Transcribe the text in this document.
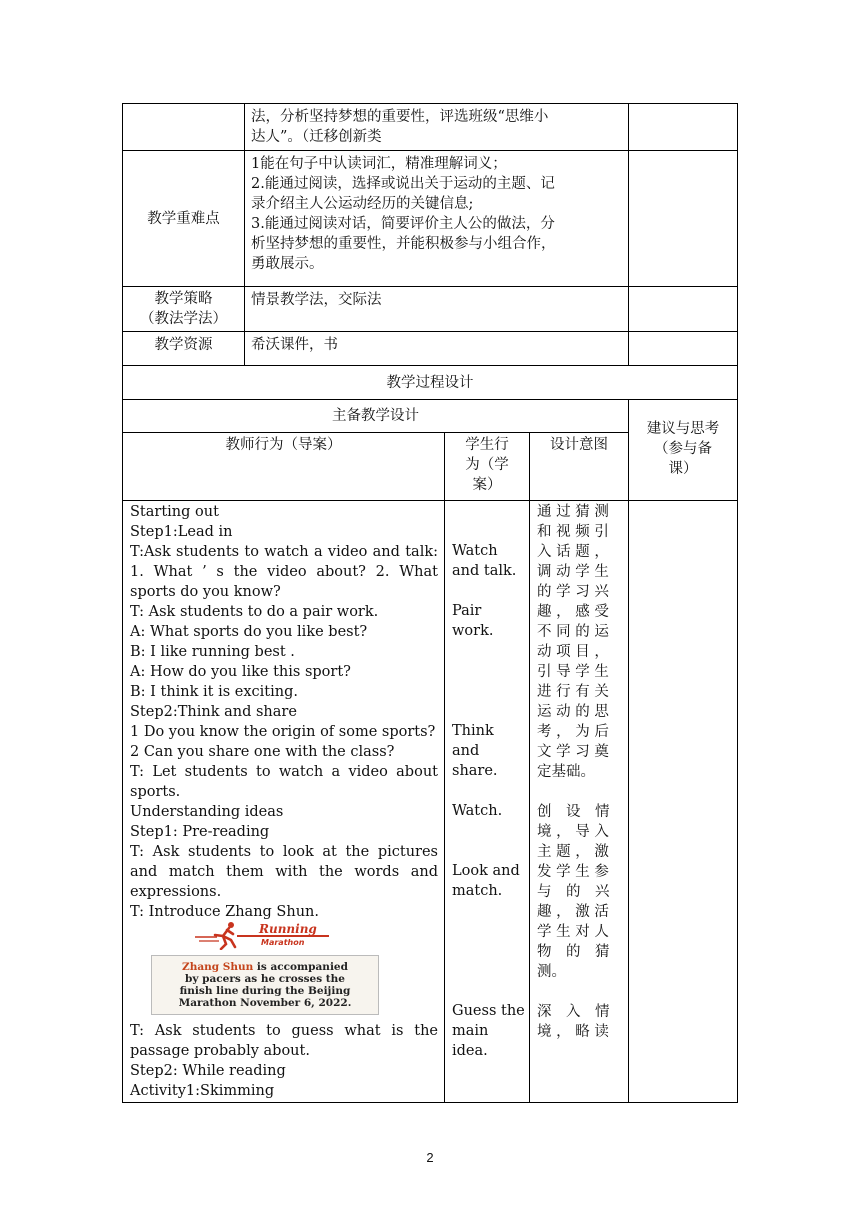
法，分析坚持梦想的重要性，评选班级“思维小
达人”。（迁移创新类
教学重难点
1能在句子中认读词汇，精准理解词义；
2.能通过阅读，选择或说出关于运动的主题、记
录介绍主人公运动经历的关键信息;
3.能通过阅读对话，简要评价主人公的做法，分
析坚持梦想的重要性，并能积极参与小组合作，
勇敢展示。
教学策略
（教法学法）
情景教学法，交际法
教学资源	希沃课件，书
教学过程设计
主备教学设计
建议与思考
（参与备
课）
教师行为（导案）	学生行
为（学
案）
设计意图
Starting out
Step1:Lead in
T:Ask students to watch a video and talk: 1. What ’ s the video about? 2. What sports do you know?
T: Ask students to do a pair work.
A: What sports do you like best?
B: I like running best .
A: How do you like this sport?
B: I think it is exciting.
Step2:Think and share
1 Do you know the origin of some sports?
2 Can you share one with the class?
T: Let students to watch a video about sports.
Understanding ideas
Step1: Pre-reading
T: Ask students to look at the pictures and match them with the words and expressions.
T: Introduce Zhang Shun.
T: Ask students to guess what is the passage probably about.
Step2: While reading
Activity1:Skimming
Watch
and talk.
Pair
work.
Think
and
share.
Watch.
Look and
match.
Guess the
main
idea.
通 过 猜 测
和 视 频 引
入 话 题 ，
调 动 学 生
的 学 习 兴
趣 ， 感 受
不 同 的 运
动 项 目 ，
引 导 学 生
进 行 有 关
运 动 的 思
考 ， 为 后
文 学 习 奠
定基础。
创　设　情
境 ， 导 入
主 题 ， 激
发 学 生 参
与　的　兴
趣 ， 激 活
学 生 对 人
物　的　猜
测。
深　入　情
境 ， 略 读
Running
Marathon
Zhang Shun is accompanied
by pacers as he crosses the
finish line during the Beijing
Marathon November 6, 2022.
2
